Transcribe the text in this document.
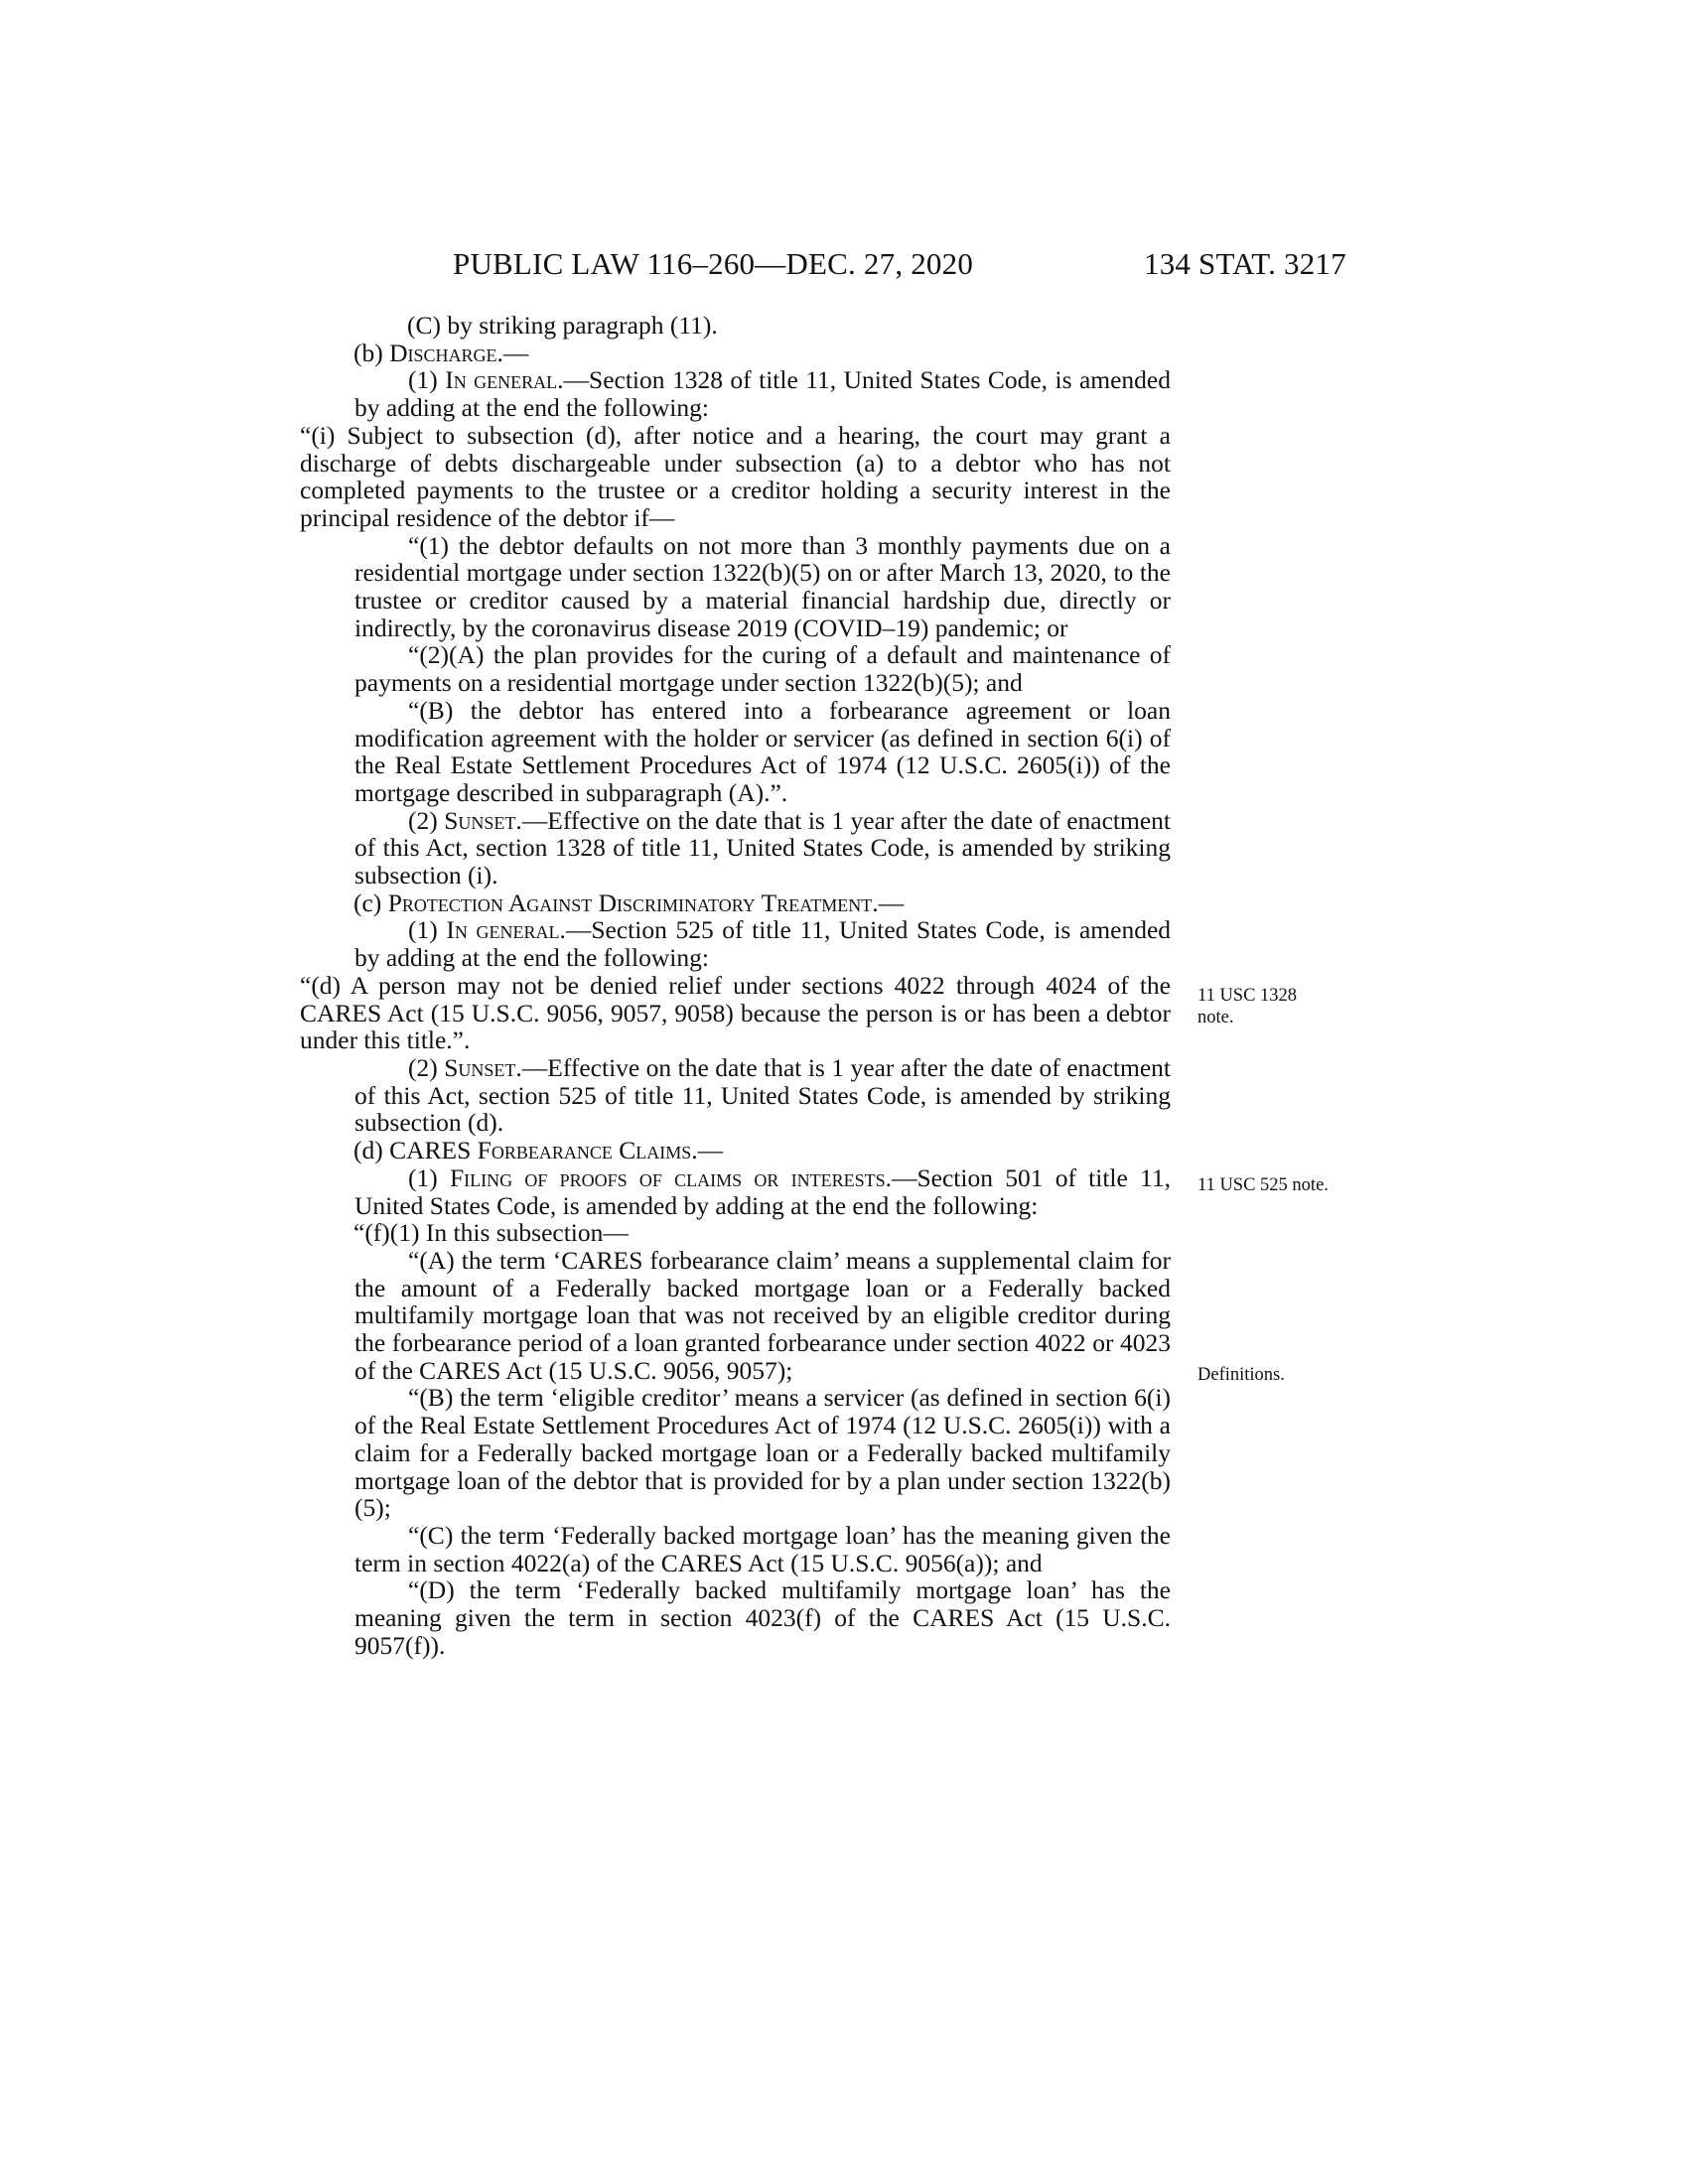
PUBLIC LAW 116–260—DEC. 27, 2020	134 STAT. 3217

(C) by striking paragraph (11).

(b) Discharge.—

(1) In general.—Section 1328 of title 11, United States Code, is amended by adding at the end the following:

“(i) Subject to subsection (d), after notice and a hearing, the court may grant a discharge of debts dischargeable under subsection (a) to a debtor who has not completed payments to the trustee or a creditor holding a security interest in the principal residence of the debtor if—

“(1) the debtor defaults on not more than 3 monthly payments due on a residential mortgage under section 1322(b)(5) on or after March 13, 2020, to the trustee or creditor caused by a material financial hardship due, directly or indirectly, by the coronavirus disease 2019 (COVID–19) pandemic; or

“(2)(A) the plan provides for the curing of a default and maintenance of payments on a residential mortgage under section 1322(b)(5); and

“(B) the debtor has entered into a forbearance agreement or loan modification agreement with the holder or servicer (as defined in section 6(i) of the Real Estate Settlement Procedures Act of 1974 (12 U.S.C. 2605(i)) of the mortgage described in subparagraph (A).”.

(2) Sunset.—Effective on the date that is 1 year after the date of enactment of this Act, section 1328 of title 11, United States Code, is amended by striking subsection (i).

(c) Protection Against Discriminatory Treatment.—

(1) In general.—Section 525 of title 11, United States Code, is amended by adding at the end the following:

“(d) A person may not be denied relief under sections 4022 through 4024 of the CARES Act (15 U.S.C. 9056, 9057, 9058) because the person is or has been a debtor under this title.”.

(2) Sunset.—Effective on the date that is 1 year after the date of enactment of this Act, section 525 of title 11, United States Code, is amended by striking subsection (d).

(d) CARES Forbearance Claims.—

(1) Filing of proofs of claims or interests.—Section 501 of title 11, United States Code, is amended by adding at the end the following:

“(f)(1) In this subsection—

“(A) the term ‘CARES forbearance claim’ means a supplemental claim for the amount of a Federally backed mortgage loan or a Federally backed multifamily mortgage loan that was not received by an eligible creditor during the forbearance period of a loan granted forbearance under section 4022 or 4023 of the CARES Act (15 U.S.C. 9056, 9057);

“(B) the term ‘eligible creditor’ means a servicer (as defined in section 6(i) of the Real Estate Settlement Procedures Act of 1974 (12 U.S.C. 2605(i)) with a claim for a Federally backed mortgage loan or a Federally backed multifamily mortgage loan of the debtor that is provided for by a plan under section 1322(b)(5);

“(C) the term ‘Federally backed mortgage loan’ has the meaning given the term in section 4022(a) of the CARES Act (15 U.S.C. 9056(a)); and

“(D) the term ‘Federally backed multifamily mortgage loan’ has the meaning given the term in section 4023(f) of the CARES Act (15 U.S.C. 9057(f)).

11 USC 1328 note.
11 USC 525 note.
Definitions.
